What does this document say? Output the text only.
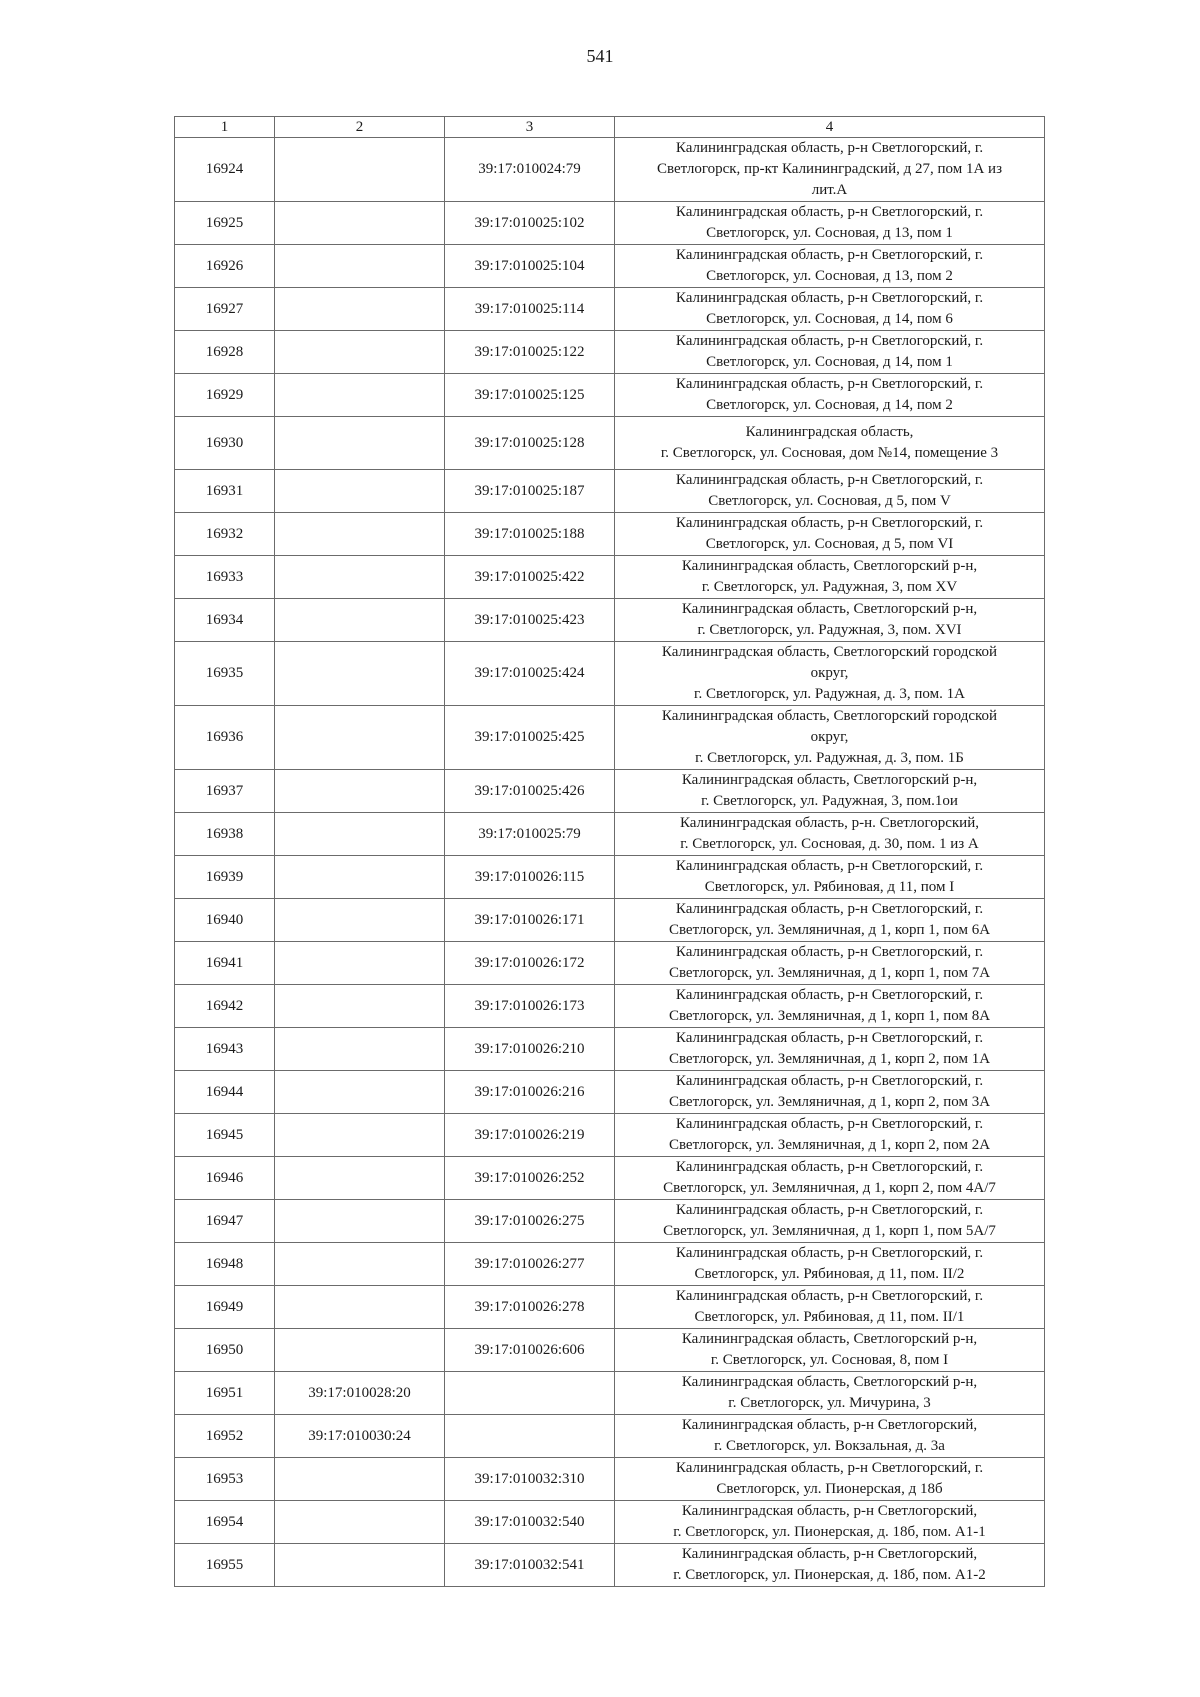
541
1	2	3	4
16924		39:17:010024:79	Калининградская область, р-н Светлогорский, г.
Светлогорск, пр-кт Калининградский, д 27, пом 1А из
лит.А
16925		39:17:010025:102	Калининградская область, р-н Светлогорский, г.
Светлогорск, ул. Сосновая, д 13, пом 1
16926		39:17:010025:104	Калининградская область, р-н Светлогорский, г.
Светлогорск, ул. Сосновая, д 13, пом 2
16927		39:17:010025:114	Калининградская область, р-н Светлогорский, г.
Светлогорск, ул. Сосновая, д 14, пом 6
16928		39:17:010025:122	Калининградская область, р-н Светлогорский, г.
Светлогорск, ул. Сосновая, д 14, пом 1
16929		39:17:010025:125	Калининградская область, р-н Светлогорский, г.
Светлогорск, ул. Сосновая, д 14, пом 2
16930		39:17:010025:128	Калининградская область,
г. Светлогорск, ул. Сосновая, дом №14, помещение 3
16931		39:17:010025:187	Калининградская область, р-н Светлогорский, г.
Светлогорск, ул. Сосновая, д 5, пом V
16932		39:17:010025:188	Калининградская область, р-н Светлогорский, г.
Светлогорск, ул. Сосновая, д 5, пом VI
16933		39:17:010025:422	Калининградская область, Светлогорский р-н,
г. Светлогорск, ул. Радужная, 3, пом XV
16934		39:17:010025:423	Калининградская область, Светлогорский р-н,
г. Светлогорск, ул. Радужная, 3, пом. XVI
16935		39:17:010025:424	Калининградская область, Светлогорский городской
округ,
г. Светлогорск, ул. Радужная, д. 3, пом. 1А
16936		39:17:010025:425	Калининградская область, Светлогорский городской
округ,
г. Светлогорск, ул. Радужная, д. 3, пом. 1Б
16937		39:17:010025:426	Калининградская область, Светлогорский р-н,
г. Светлогорск, ул. Радужная, 3, пом.1ои
16938		39:17:010025:79	Калининградская область, р-н. Светлогорский,
г. Светлогорск, ул. Сосновая, д. 30, пом. 1 из А
16939		39:17:010026:115	Калининградская область, р-н Светлогорский, г.
Светлогорск, ул. Рябиновая, д 11, пом I
16940		39:17:010026:171	Калининградская область, р-н Светлогорский, г.
Светлогорск, ул. Земляничная, д 1, корп 1, пом 6А
16941		39:17:010026:172	Калининградская область, р-н Светлогорский, г.
Светлогорск, ул. Земляничная, д 1, корп 1, пом 7А
16942		39:17:010026:173	Калининградская область, р-н Светлогорский, г.
Светлогорск, ул. Земляничная, д 1, корп 1, пом 8А
16943		39:17:010026:210	Калининградская область, р-н Светлогорский, г.
Светлогорск, ул. Земляничная, д 1, корп 2, пом 1А
16944		39:17:010026:216	Калининградская область, р-н Светлогорский, г.
Светлогорск, ул. Земляничная, д 1, корп 2, пом 3А
16945		39:17:010026:219	Калининградская область, р-н Светлогорский, г.
Светлогорск, ул. Земляничная, д 1, корп 2, пом 2А
16946		39:17:010026:252	Калининградская область, р-н Светлогорский, г.
Светлогорск, ул. Земляничная, д 1, корп 2, пом 4А/7
16947		39:17:010026:275	Калининградская область, р-н Светлогорский, г.
Светлогорск, ул. Земляничная, д 1, корп 1, пом 5А/7
16948		39:17:010026:277	Калининградская область, р-н Светлогорский, г.
Светлогорск, ул. Рябиновая, д 11, пом. II/2
16949		39:17:010026:278	Калининградская область, р-н Светлогорский, г.
Светлогорск, ул. Рябиновая, д 11, пом. II/1
16950		39:17:010026:606	Калининградская область, Светлогорский р-н,
г. Светлогорск, ул. Сосновая, 8, пом I
16951	39:17:010028:20		Калининградская область, Светлогорский р-н,
г. Светлогорск, ул. Мичурина, 3
16952	39:17:010030:24		Калининградская область, р-н Светлогорский,
г. Светлогорск, ул. Вокзальная, д. 3а
16953		39:17:010032:310	Калининградская область, р-н Светлогорский, г.
Светлогорск, ул. Пионерская, д 18б
16954		39:17:010032:540	Калининградская область, р-н Светлогорский,
г. Светлогорск, ул. Пионерская, д. 18б, пом. А1-1
16955		39:17:010032:541	Калининградская область, р-н Светлогорский,
г. Светлогорск, ул. Пионерская, д. 18б, пом. А1-2
